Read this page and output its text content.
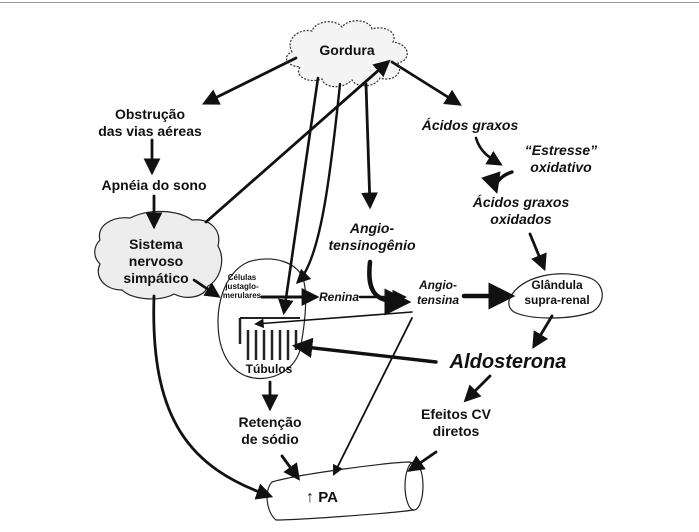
Gordura
Obstrução
das vias aéreas
Apnéia do sono
Sistema
nervoso
simpático
Ácidos graxos
“Estresse”
oxidativo
Ácidos graxos
oxidados
Angio-
tensinogênio
Células
justaglo-
merulares	Renina
Angio-
tensina
Glândula
supra-renal
Túbulos	Aldosterona
Retenção
de sódio
Efeitos CV
diretos
↑ PA
